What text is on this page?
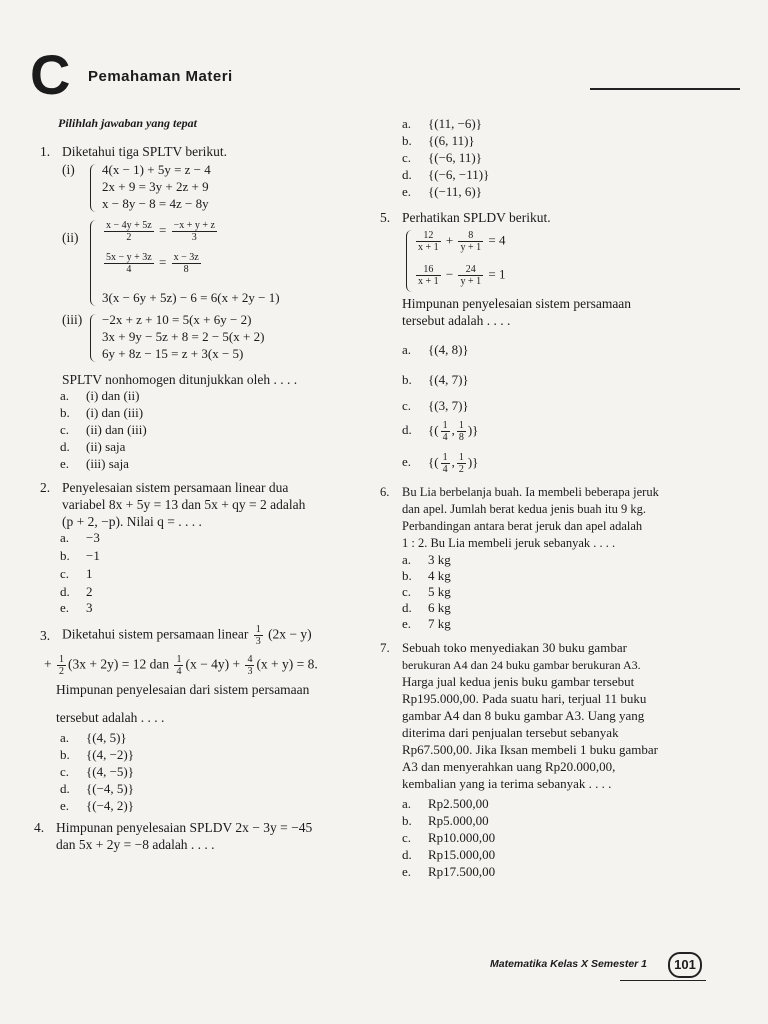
C Pemahaman Materi
Pilihlah jawaban yang tepat
1. Diketahui tiga SPLTV berikut.
(i) 4(x − 1) + 5y = z − 4
2x + 9 = 3y + 2z + 9
x − 8y − 8 = 4z − 8y
(ii)	$\frac{x - 4y + 5z}{2} = \frac{-x + y + z}{3}$
$\frac{5x - y + 3z}{4} = \frac{x - 3z}{8}$
3(x − 6y + 5z) − 6 = 6(x + 2y − 1)
(iii) −2x + z + 10 = 5(x + 6y − 2)
3x + 9y − 5z + 8 = 2 − 5(x + 2)
6y + 8z − 15 = z + 3(x − 5)
SPLTV nonhomogen ditunjukkan oleh . . . .
a. (i) dan (ii)
b. (i) dan (iii)
c. (ii) dan (iii)
d. (ii) saja
e. (iii) saja
2. Penyelesaian sistem persamaan linear dua
variabel 8x + 5y = 13 dan 5x + qy = 2 adalah
(p + 2, −p). Nilai q = . . . .
a. −3
b. −1
c. 1
d. 2
e. 3
3. Diketahui sistem persamaan linear $\frac{1}{3} (2x - y)$
+ $\frac{1}{2} (3x + 2y) = 12$ dan $\frac{1}{4} (x - 4y) + \frac{4}{3} (x + y) = 8$.
Himpunan penyelesaian dari sistem persamaan
tersebut adalah . . . .
a. {(4, 5)}
b. {(4, −2)}
c. {(4, −5)}
d. {(−4, 5)}
e. {(−4, 2)}
4. Himpunan penyelesaian SPLDV 2x − 3y = −45
dan 5x + 2y = −8 adalah . . . .
a. {(11, −6)}
b. {(6, 11)}
c. {(−6, 11)}
d. {(−6, −11)}
e. {(−11, 6)}
5. Perhatikan SPLDV berikut.
$\frac{12}{x + 1} + \frac{8}{y + 1} = 4$
$\frac{16}{x + 1} - \frac{24}{y + 1} = 1$
Himpunan penyelesaian sistem persamaan
tersebut adalah . . . .
a. {(4, 8)}
b. {(4, 7)}
c. {(3, 7)}
d. {( $\frac{1}{4}$ , $\frac{1}{8}$ )}
e. {( $\frac{1}{4}$ , $\frac{1}{2}$ )}
6. Bu Lia berbelanja buah. Ia membeli beberapa jeruk
dan apel. Jumlah berat kedua jenis buah itu 9 kg.
Perbandingan antara berat jeruk dan apel adalah
1 : 2. Bu Lia membeli jeruk sebanyak . . . .
a. 3 kg
b. 4 kg
c. 5 kg
d. 6 kg
e. 7 kg
7. Sebuah toko menyediakan 30 buku gambar
berukuran A4 dan 24 buku gambar berukuran A3.
Harga jual kedua jenis buku gambar tersebut
Rp195.000,00. Pada suatu hari, terjual 11 buku
gambar A4 dan 8 buku gambar A3. Uang yang
diterima dari penjualan tersebut sebanyak
Rp67.500,00. Jika Iksan membeli 1 buku gambar
A3 dan menyerahkan uang Rp20.000,00,
kembalian yang ia terima sebanyak . . . .
a. Rp2.500,00
b. Rp5.000,00
c. Rp10.000,00
d. Rp15.000,00
e. Rp17.500,00
Matematika Kelas X Semester 1	101
